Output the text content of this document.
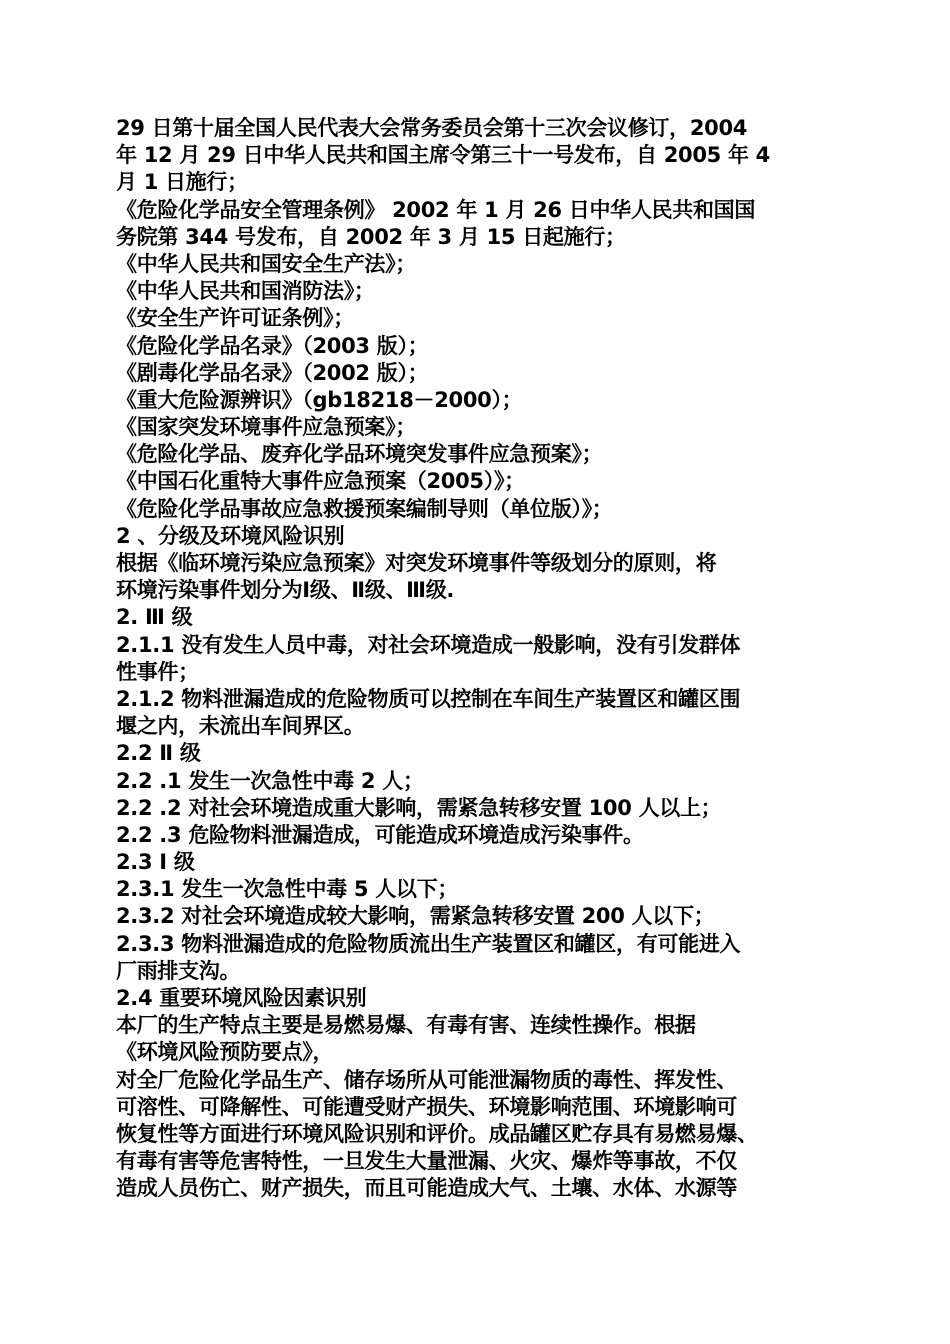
29 日第十届全国人民代表大会常务委员会第十三次会议修订，2004
年 12 月 29 日中华人民共和国主席令第三十一号发布，自 2005 年 4
月 1 日施行；
《危险化学品安全管理条例》 2002 年 1 月 26 日中华人民共和国国
务院第 344 号发布，自 2002 年 3 月 15 日起施行；
《中华人民共和国安全生产法》；
《中华人民共和国消防法》；
《安全生产许可证条例》；
《危险化学品名录》（2003 版）；
《剧毒化学品名录》（2002 版）；
《重大危险源辨识》（gb18218－2000）；
《国家突发环境事件应急预案》；
《危险化学品、废弃化学品环境突发事件应急预案》；
《中国石化重特大事件应急预案（2005）》；
《危险化学品事故应急救援预案编制导则（单位版）》；
2 、分级及环境风险识别
根据《临环境污染应急预案》对突发环境事件等级划分的原则，将
环境污染事件划分为Ⅰ级、Ⅱ级、Ⅲ级.
2. Ⅲ 级
2.1.1 没有发生人员中毒，对社会环境造成一般影响，没有引发群体
性事件；
2.1.2 物料泄漏造成的危险物质可以控制在车间生产装置区和罐区围
堰之内，未流出车间界区。
2.2 Ⅱ 级
2.2 .1 发生一次急性中毒 2 人；
2.2 .2 对社会环境造成重大影响，需紧急转移安置 100 人以上；
2.2 .3 危险物料泄漏造成，可能造成环境造成污染事件。
2.3 Ⅰ 级
2.3.1 发生一次急性中毒 5 人以下；
2.3.2 对社会环境造成较大影响，需紧急转移安置 200 人以下；
2.3.3 物料泄漏造成的危险物质流出生产装置区和罐区，有可能进入
厂雨排支沟。
2.4 重要环境风险因素识别
本厂的生产特点主要是易燃易爆、有毒有害、连续性操作。根据
《环境风险预防要点》，
对全厂危险化学品生产、储存场所从可能泄漏物质的毒性、挥发性、
可溶性、可降解性、可能遭受财产损失、环境影响范围、环境影响可
恢复性等方面进行环境风险识别和评价。成品罐区贮存具有易燃易爆、
有毒有害等危害特性，一旦发生大量泄漏、火灾、爆炸等事故，不仅
造成人员伤亡、财产损失，而且可能造成大气、土壤、水体、水源等
